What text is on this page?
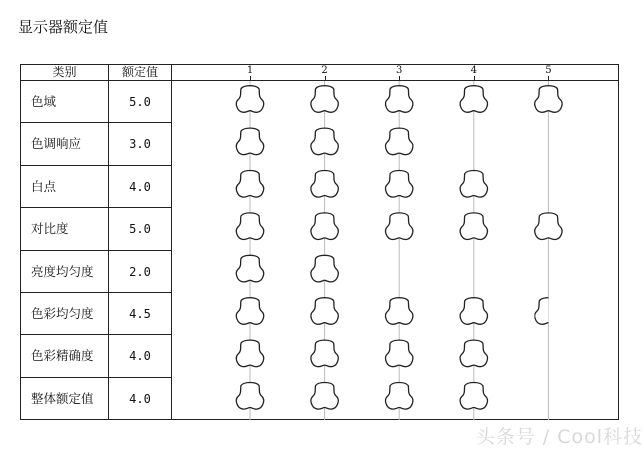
显示器额定值
类别	额定值	1	2	3	4	5
色域	5.0
色调响应	3.0
白点	4.0
对比度	5.0
亮度均匀度	2.0
色彩均匀度	4.5
色彩精确度	4.0
整体额定值	4.0
头条号 / Cool科技
